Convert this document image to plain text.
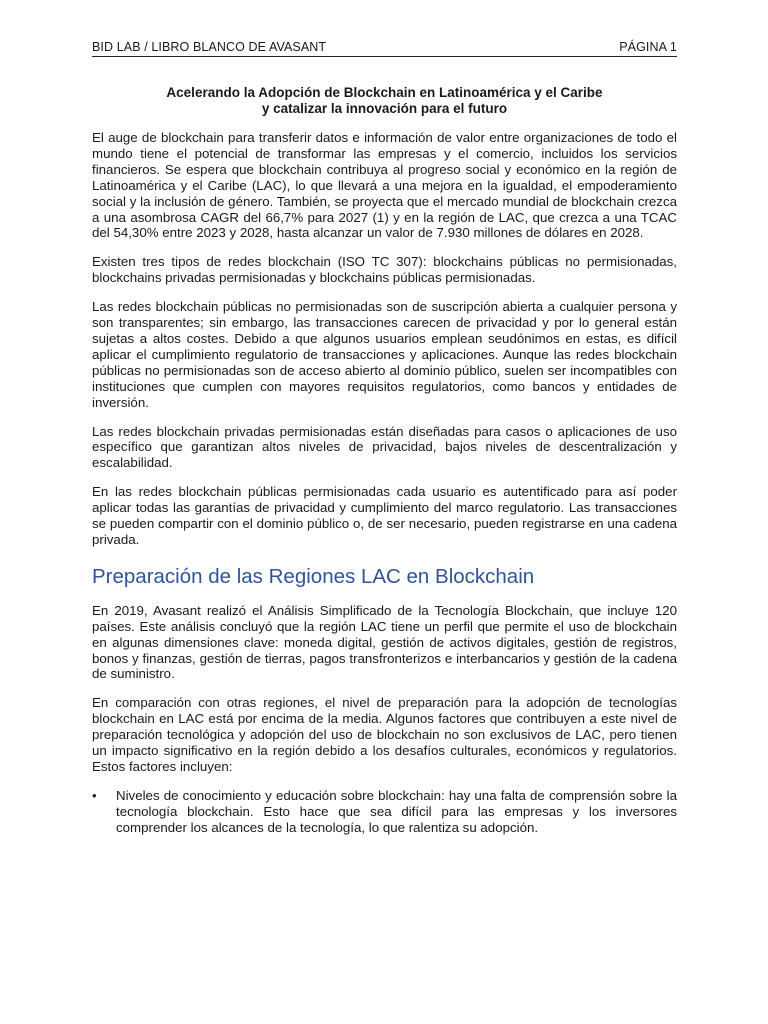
BID LAB / LIBRO BLANCO DE AVASANT	PÁGINA 1
Acelerando la Adopción de Blockchain en Latinoamérica y el Caribe
y catalizar la innovación para el futuro

El auge de blockchain para transferir datos e información de valor entre organizaciones de todo el mundo tiene el potencial de transformar las empresas y el comercio, incluidos los servicios financieros. Se espera que blockchain contribuya al progreso social y económico en la región de Latinoamérica y el Caribe (LAC), lo que llevará a una mejora en la igualdad, el empoderamiento social y la inclusión de género. También, se proyecta que el mercado mundial de blockchain crezca a una asombrosa CAGR del 66,7% para 2027 (1) y en la región de LAC, que crezca a una TCAC del 54,30% entre 2023 y 2028, hasta alcanzar un valor de 7.930 millones de dólares en 2028.

Existen tres tipos de redes blockchain (ISO TC 307): blockchains públicas no permisionadas, blockchains privadas permisionadas y blockchains públicas permisionadas.

Las redes blockchain públicas no permisionadas son de suscripción abierta a cualquier persona y son transparentes; sin embargo, las transacciones carecen de privacidad y por lo general están sujetas a altos costes. Debido a que algunos usuarios emplean seudónimos en estas, es difícil aplicar el cumplimiento regulatorio de transacciones y aplicaciones. Aunque las redes blockchain públicas no permisionadas son de acceso abierto al dominio público, suelen ser incompatibles con instituciones que cumplen con mayores requisitos regulatorios, como bancos y entidades de inversión.

Las redes blockchain privadas permisionadas están diseñadas para casos o aplicaciones de uso específico que garantizan altos niveles de privacidad, bajos niveles de descentralización y escalabilidad.

En las redes blockchain públicas permisionadas cada usuario es autentificado para así poder aplicar todas las garantías de privacidad y cumplimiento del marco regulatorio. Las transacciones se pueden compartir con el dominio público o, de ser necesario, pueden registrarse en una cadena privada.

Preparación de las Regiones LAC en Blockchain

En 2019, Avasant realizó el Análisis Simplificado de la Tecnología Blockchain, que incluye 120 países. Este análisis concluyó que la región LAC tiene un perfil que permite el uso de blockchain en algunas dimensiones clave: moneda digital, gestión de activos digitales, gestión de registros, bonos y finanzas, gestión de tierras, pagos transfronterizos e interbancarios y gestión de la cadena de suministro.

En comparación con otras regiones, el nivel de preparación para la adopción de tecnologías blockchain en LAC está por encima de la media. Algunos factores que contribuyen a este nivel de preparación tecnológica y adopción del uso de blockchain no son exclusivos de LAC, pero tienen un impacto significativo en la región debido a los desafíos culturales, económicos y regulatorios. Estos factores incluyen:

• Niveles de conocimiento y educación sobre blockchain: hay una falta de comprensión sobre la tecnología blockchain. Esto hace que sea difícil para las empresas y los inversores comprender los alcances de la tecnología, lo que ralentiza su adopción.
